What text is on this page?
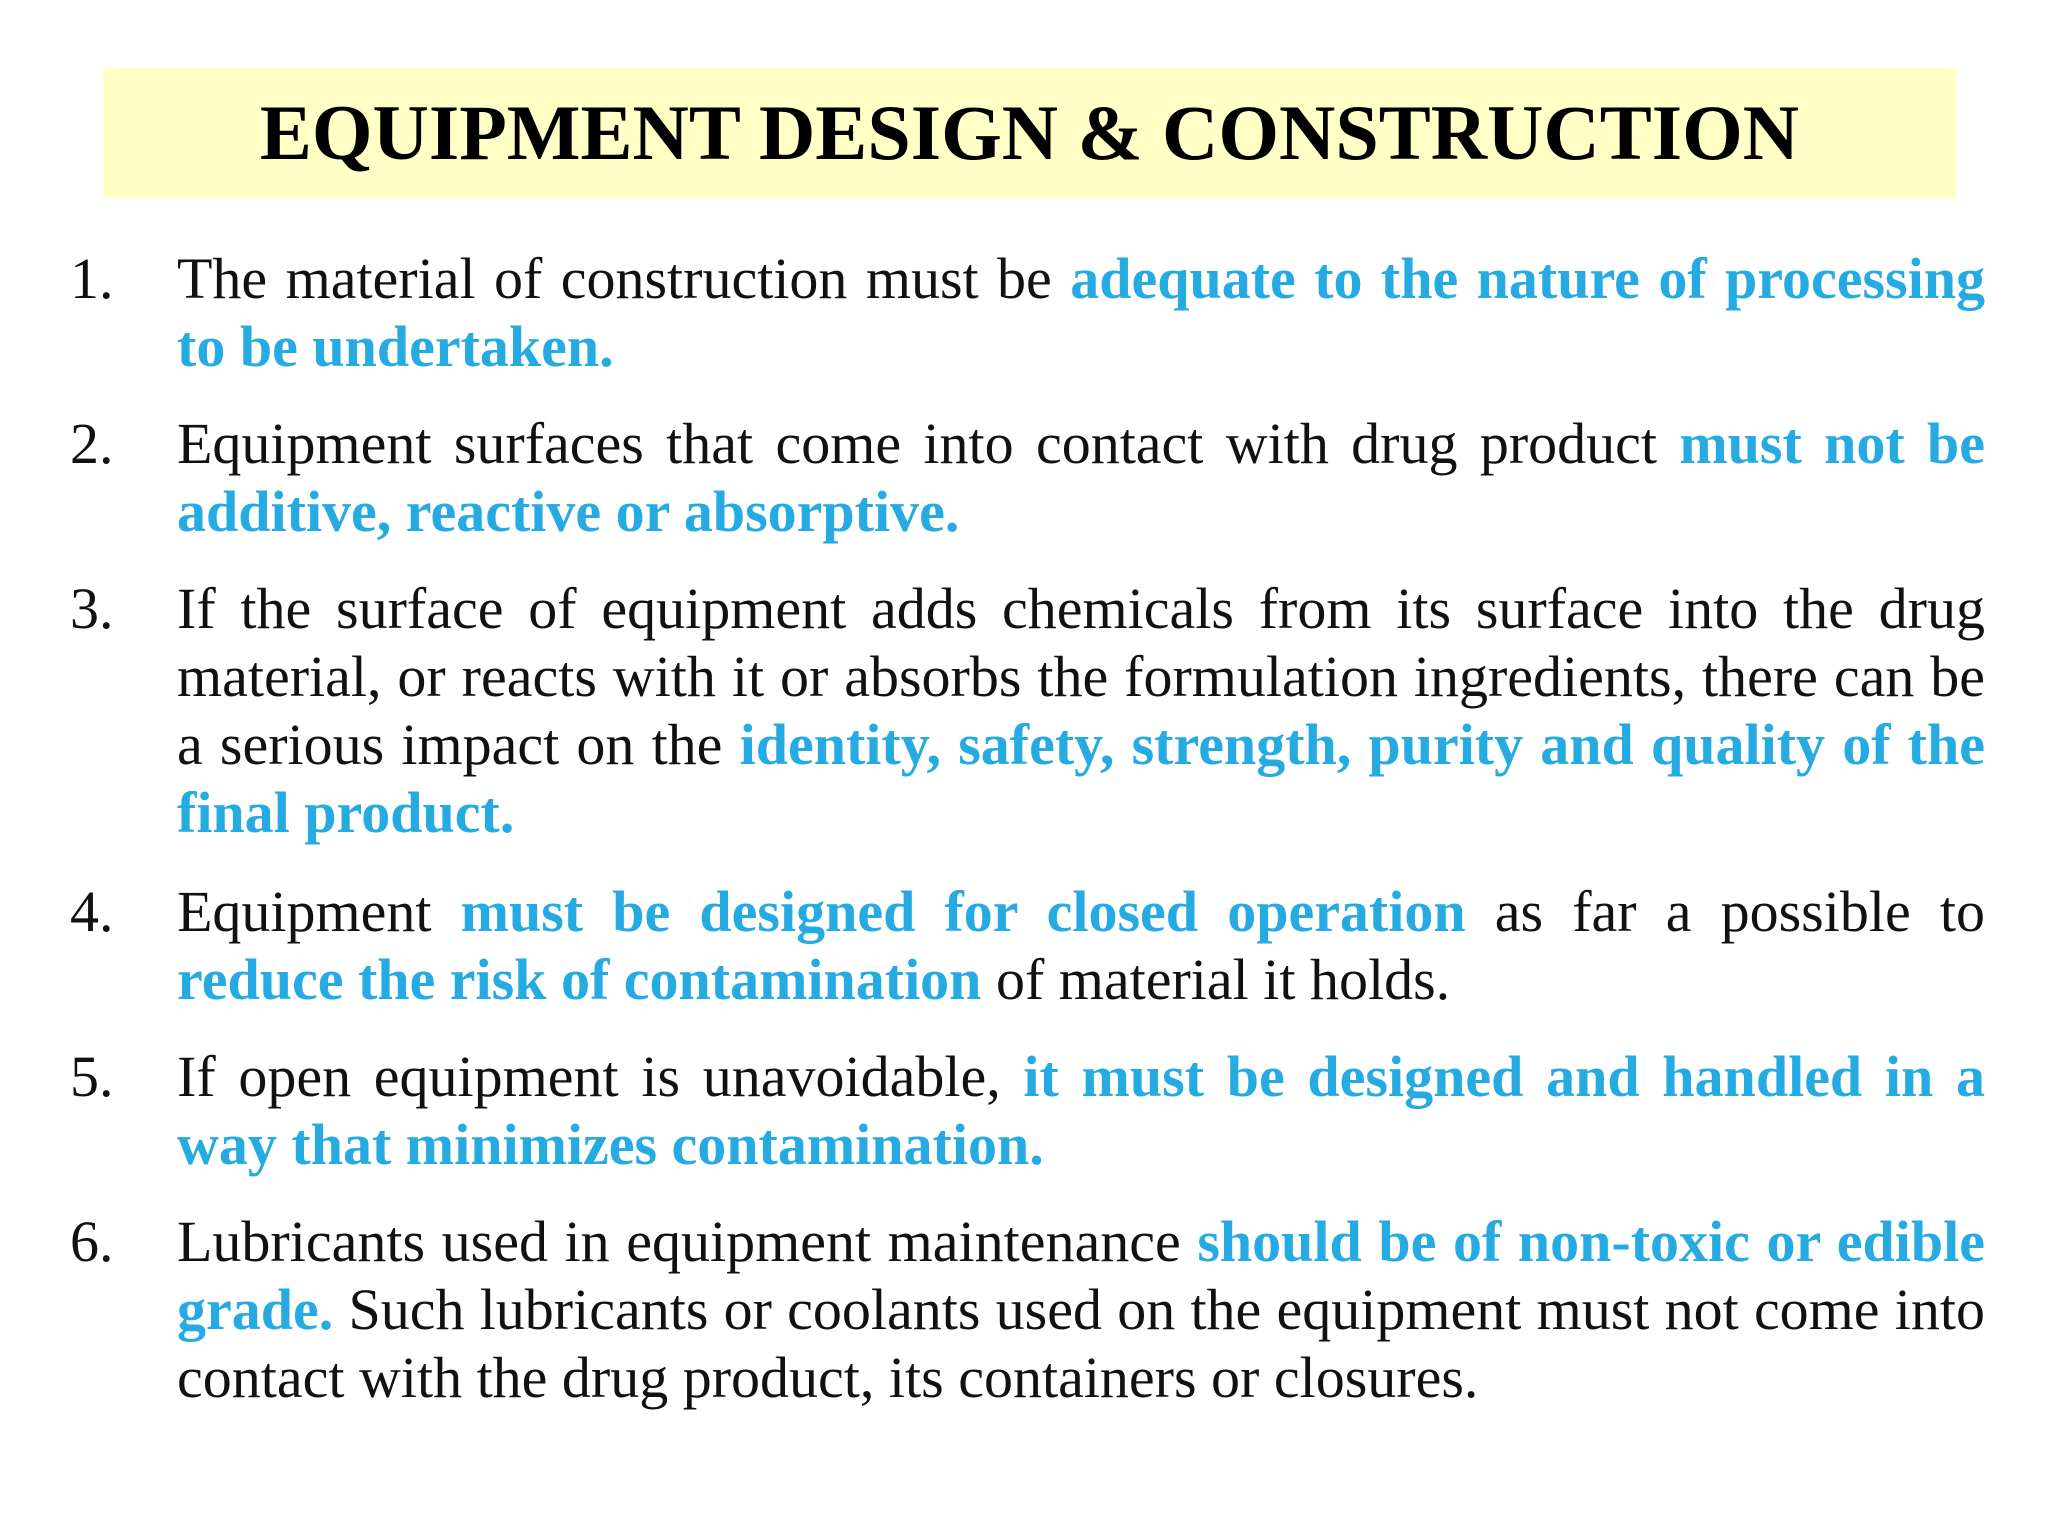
EQUIPMENT DESIGN & CONSTRUCTION
1.	The material of construction must be adequate to the nature of processing to be undertaken.
2.	Equipment surfaces that come into contact with drug product must not be additive, reactive or absorptive.
3.	If the surface of equipment adds chemicals from its surface into the drug material, or reacts with it or absorbs the formulation ingredients, there can be a serious impact on the identity, safety, strength, purity and quality of the final product.
4.	Equipment must be designed for closed operation as far a possible to reduce the risk of contamination of material it holds.
5.	If open equipment is unavoidable, it must be designed and handled in a way that minimizes contamination.
6.	Lubricants used in equipment maintenance should be of non-toxic or edible grade. Such lubricants or coolants used on the equipment must not come into contact with the drug product, its containers or closures.
